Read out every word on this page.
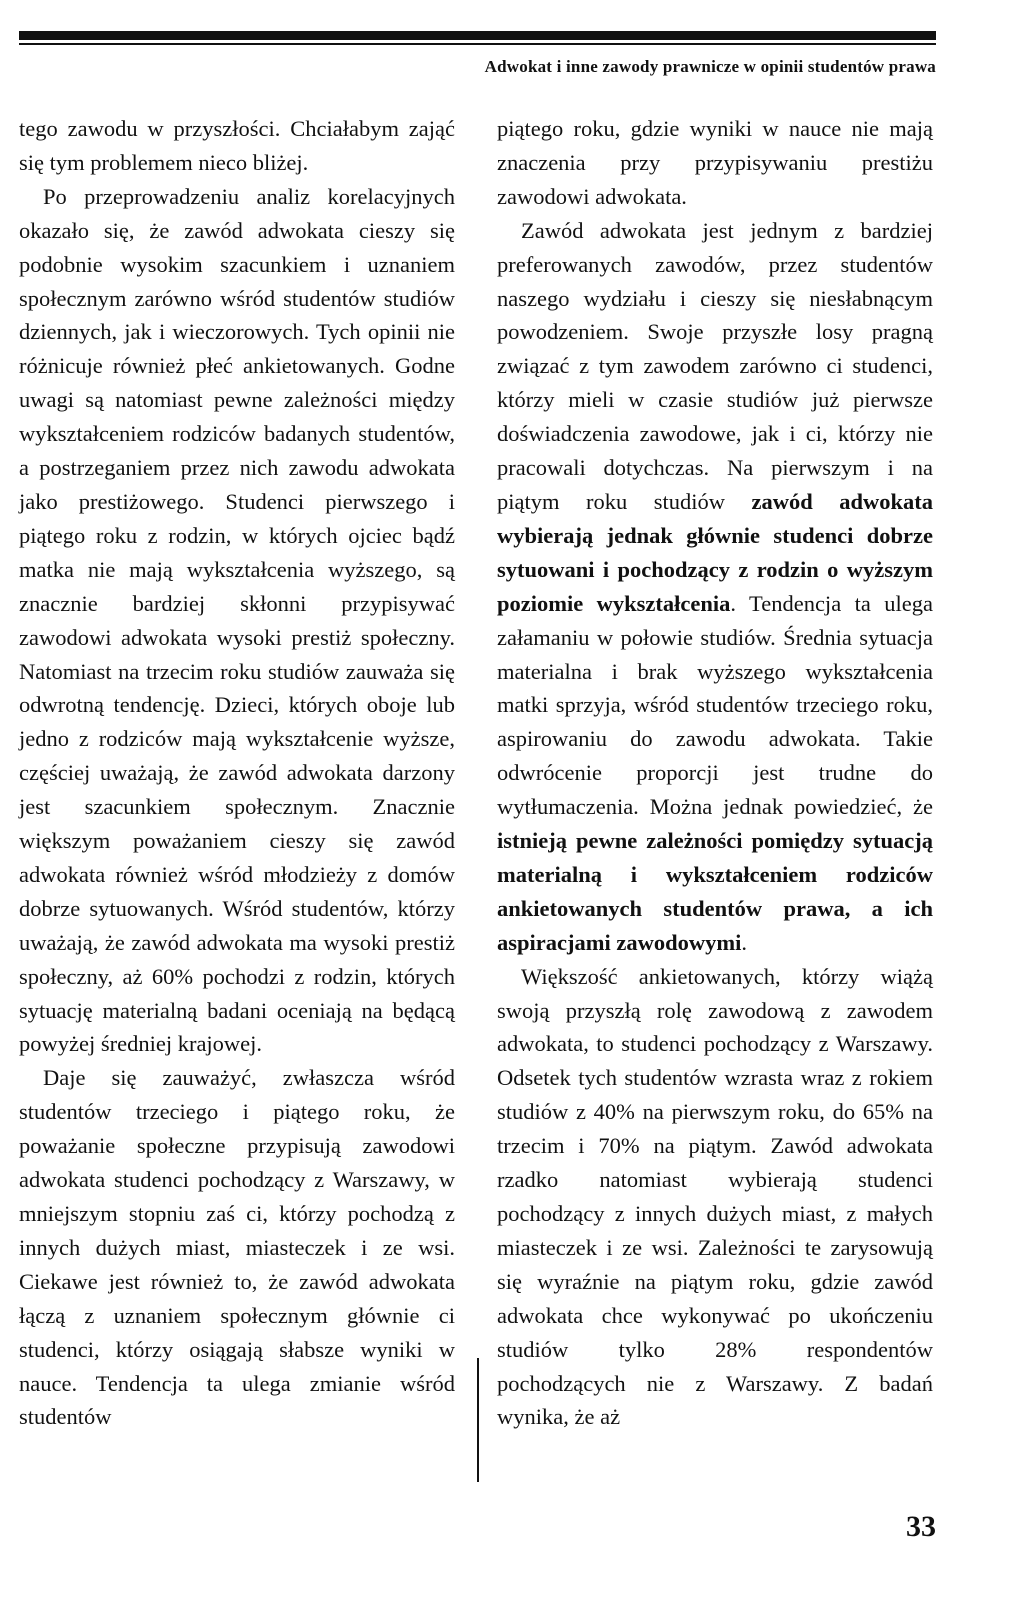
Adwokat i inne zawody prawnicze w opinii studentów prawa

tego zawodu w przyszłości. Chciałabym zająć się tym problemem nieco bliżej.

Po przeprowadzeniu analiz korelacyjnych okazało się, że zawód adwokata cieszy się podobnie wysokim szacunkiem i uznaniem społecznym zarówno wśród studentów studiów dziennych, jak i wieczorowych. Tych opinii nie różnicuje również płeć ankietowanych. Godne uwagi są natomiast pewne zależności między wykształceniem rodziców badanych studentów, a postrzeganiem przez nich zawodu adwokata jako prestiżowego. Studenci pierwszego i piątego roku z rodzin, w których ojciec bądź matka nie mają wykształcenia wyższego, są znacznie bardziej skłonni przypisywać zawodowi adwokata wysoki prestiż społeczny. Natomiast na trzecim roku studiów zauważa się odwrotną tendencję. Dzieci, których oboje lub jedno z rodziców mają wykształcenie wyższe, częściej uważają, że zawód adwokata darzony jest szacunkiem społecznym. Znacznie większym poważaniem cieszy się zawód adwokata również wśród młodzieży z domów dobrze sytuowanych. Wśród studentów, którzy uważają, że zawód adwokata ma wysoki prestiż społeczny, aż 60% pochodzi z rodzin, których sytuację materialną badani oceniają na będącą powyżej średniej krajowej.

Daje się zauważyć, zwłaszcza wśród studentów trzeciego i piątego roku, że poważanie społeczne przypisują zawodowi adwokata studenci pochodzący z Warszawy, w mniejszym stopniu zaś ci, którzy pochodzą z innych dużych miast, miasteczek i ze wsi. Ciekawe jest również to, że zawód adwokata łączą z uznaniem społecznym głównie ci studenci, którzy osiągają słabsze wyniki w nauce. Tendencja ta ulega zmianie wśród studentów

piątego roku, gdzie wyniki w nauce nie mają znaczenia przy przypisywaniu prestiżu zawodowi adwokata.

Zawód adwokata jest jednym z bardziej preferowanych zawodów, przez studentów naszego wydziału i cieszy się niesłabnącym powodzeniem. Swoje przyszłe losy pragną związać z tym zawodem zarówno ci studenci, którzy mieli w czasie studiów już pierwsze doświadczenia zawodowe, jak i ci, którzy nie pracowali dotychczas. Na pierwszym i na piątym roku studiów zawód adwokata wybierają jednak głównie studenci dobrze sytuowani i pochodzący z rodzin o wyższym poziomie wykształcenia. Tendencja ta ulega załamaniu w połowie studiów. Średnia sytuacja materialna i brak wyższego wykształcenia matki sprzyja, wśród studentów trzeciego roku, aspirowaniu do zawodu adwokata. Takie odwrócenie proporcji jest trudne do wytłumaczenia. Można jednak powiedzieć, że istnieją pewne zależności pomiędzy sytuacją materialną i wykształceniem rodziców ankietowanych studentów prawa, a ich aspiracjami zawodowymi.

Większość ankietowanych, którzy wiążą swoją przyszłą rolę zawodową z zawodem adwokata, to studenci pochodzący z Warszawy. Odsetek tych studentów wzrasta wraz z rokiem studiów z 40% na pierwszym roku, do 65% na trzecim i 70% na piątym. Zawód adwokata rzadko natomiast wybierają studenci pochodzący z innych dużych miast, z małych miasteczek i ze wsi. Zależności te zarysowują się wyraźnie na piątym roku, gdzie zawód adwokata chce wykonywać po ukończeniu studiów tylko 28% respondentów pochodzących nie z Warszawy. Z badań wynika, że aż

33
